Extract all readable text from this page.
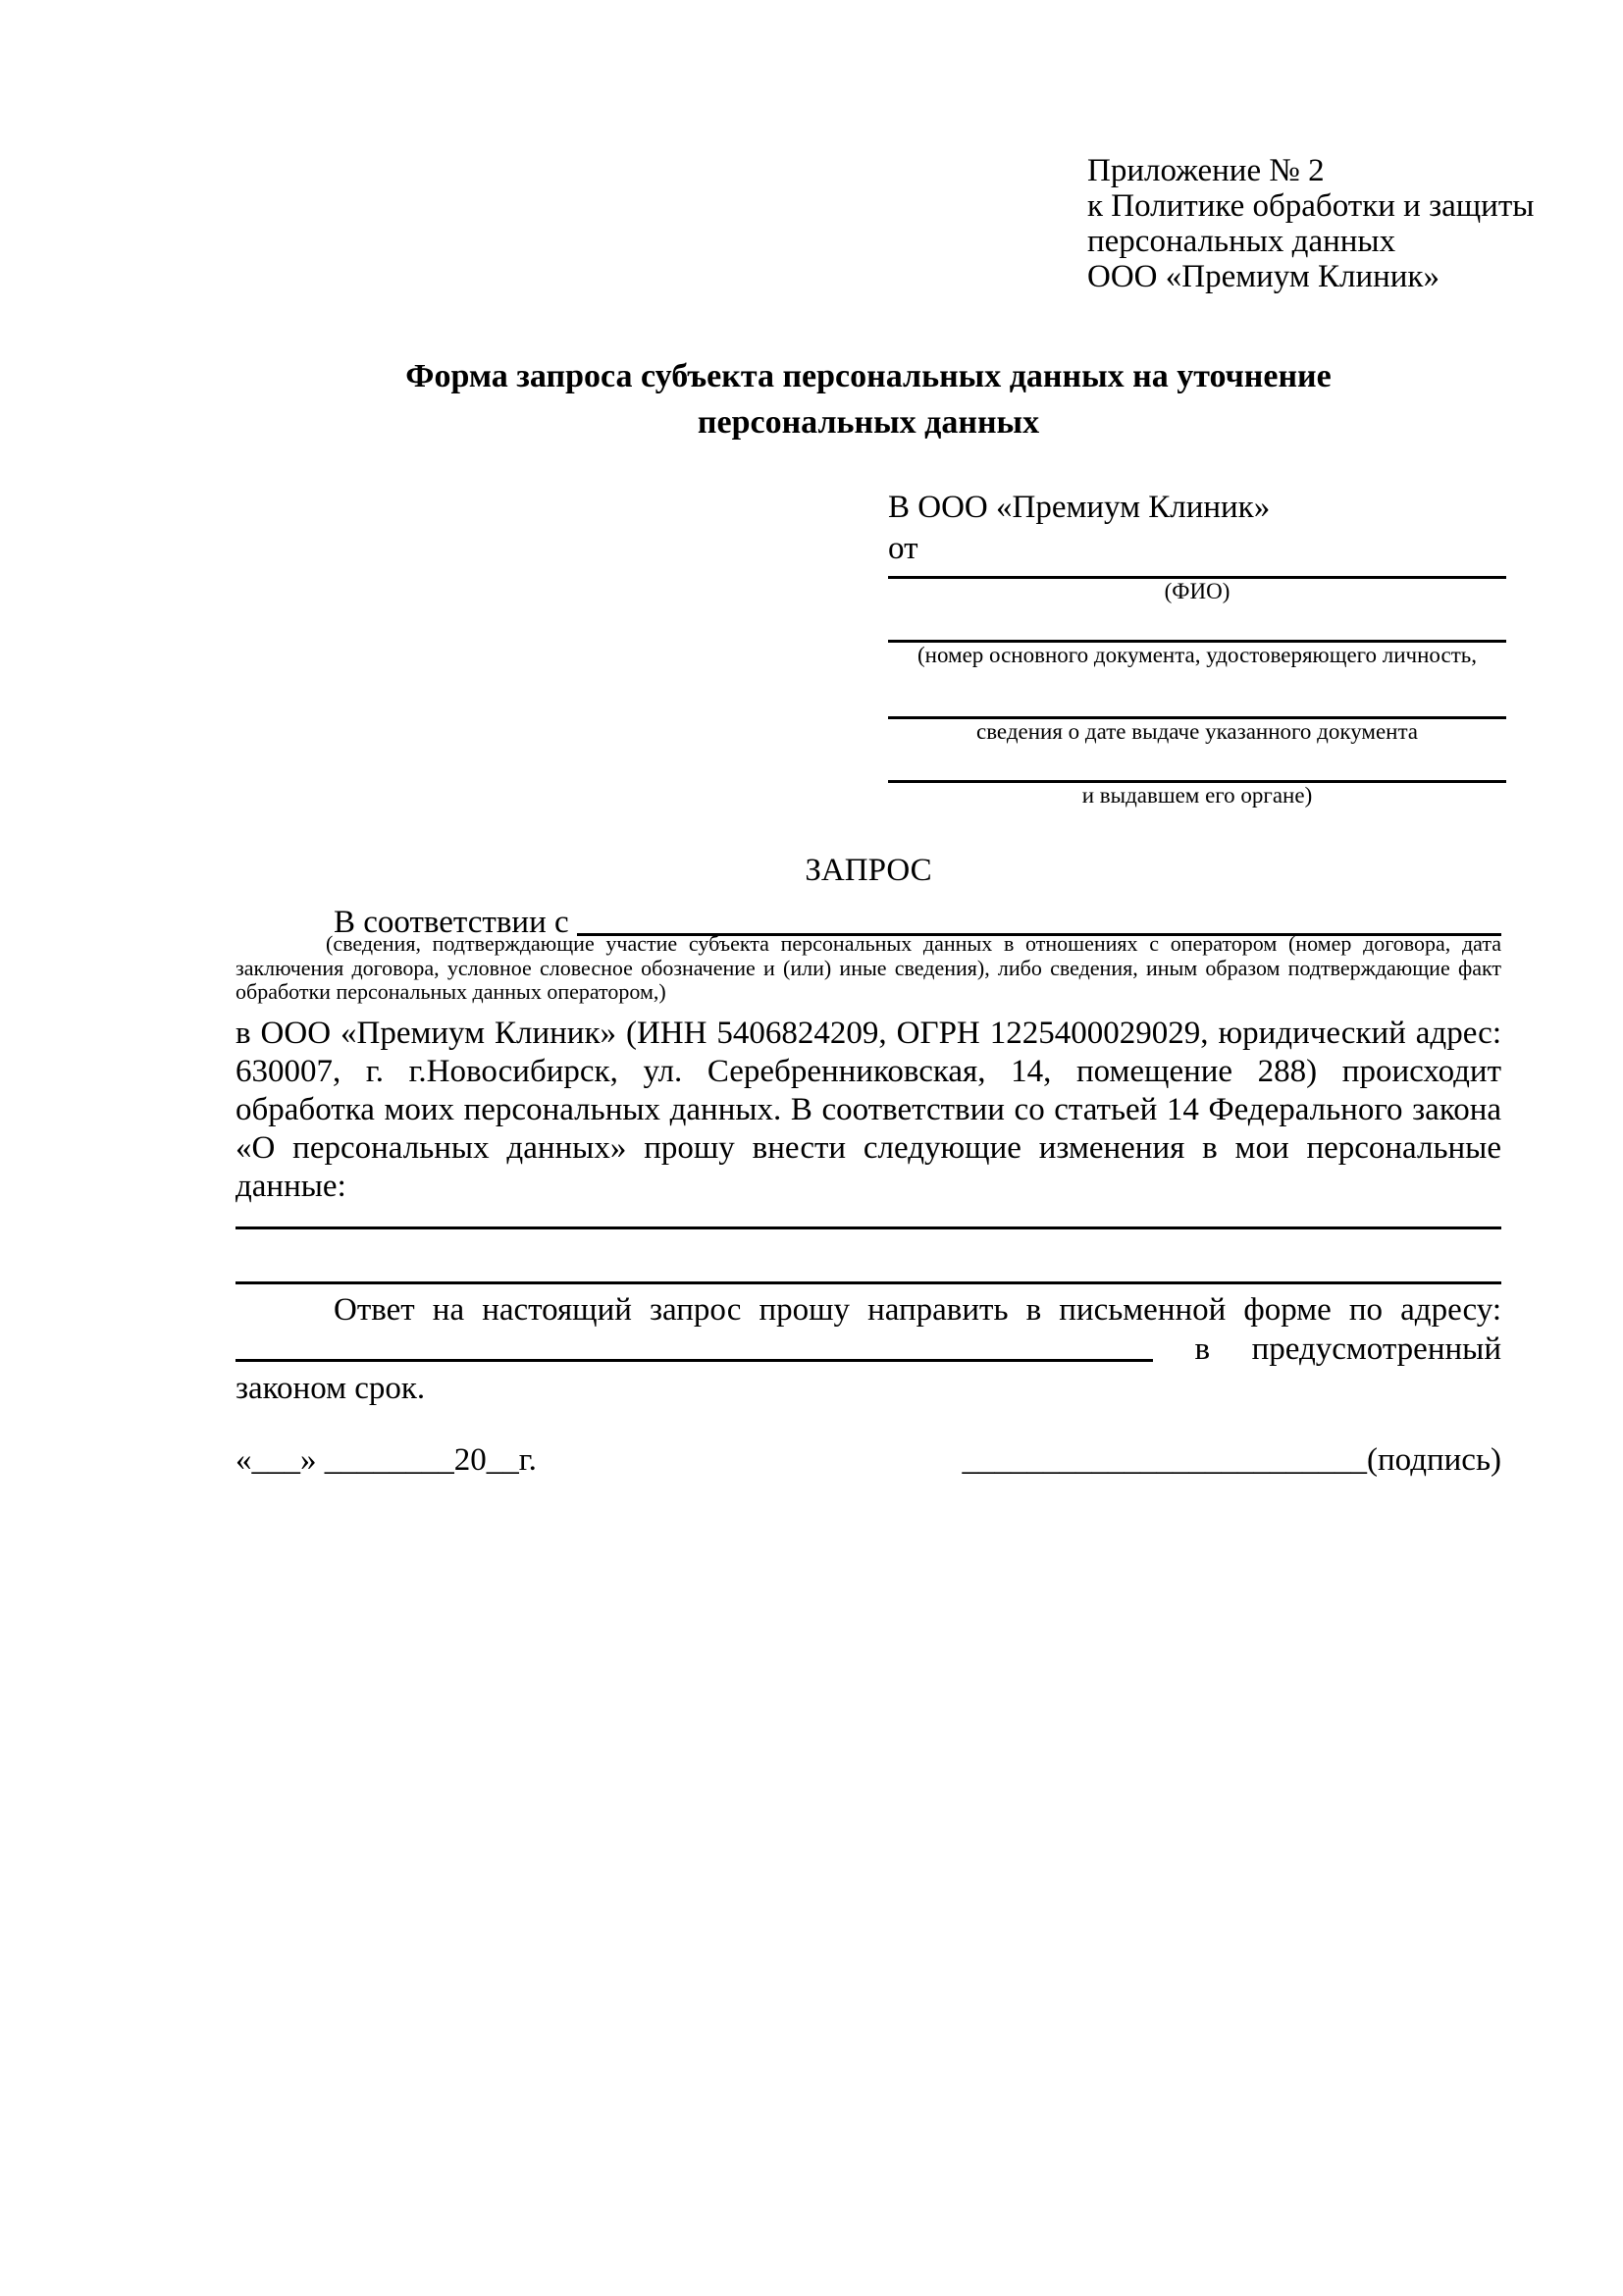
Приложение № 2
к Политике обработки и защиты
персональных данных
ООО «Премиум Клиник»
Форма запроса субъекта персональных данных на уточнение
персональных данных
В ООО «Премиум Клиник»
от
(ФИО)
(номер основного документа, удостоверяющего личность,
сведения о дате выдаче указанного документа
и выдавшем его органе)
ЗАПРОС
В соответствии с
(сведения, подтверждающие участие субъекта персональных данных в отношениях с оператором (номер договора, дата заключения договора, условное словесное обозначение и (или) иные сведения), либо сведения, иным образом подтверждающие факт обработки персональных данных оператором,)
в ООО «Премиум Клиник» (ИНН 5406824209, ОГРН 1225400029029, юридический адрес: 630007, г. г.Новосибирск, ул. Серебренниковская, 14, помещение 288) происходит обработка моих персональных данных. В соответствии со статьей 14 Федерального закона «О персональных данных» прошу внести следующие изменения в мои персональные данные:
Ответ на настоящий запрос прошу направить в письменной форме по адресу:
в предусмотренный
законом срок.
«___» ________20__г.	_________________________(подпись)
